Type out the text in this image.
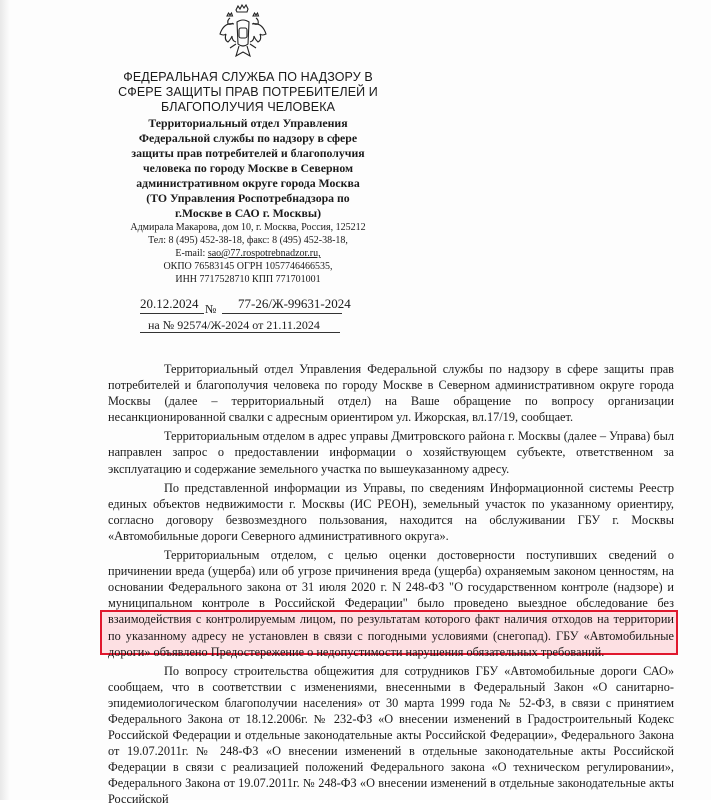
ФЕДЕРАЛЬНАЯ СЛУЖБА ПО НАДЗОРУ В СФЕРЕ ЗАЩИТЫ ПРАВ ПОТРЕБИТЕЛЕЙ И БЛАГОПОЛУЧИЯ ЧЕЛОВЕКА
Территориальный отдел Управления
Федеральной службы по надзору в сфере
защиты прав потребителей и благополучия
человека по городу Москве в Северном
административном округе города Москва
(ТО Управления Роспотребнадзора по
г.Москве в САО г. Москвы)
Адмирала Макарова, дом 10, г. Москва, Россия, 125212
Тел: 8 (495) 452-38-18, факс: 8 (495) 452-38-18,
E-mail: sao@77.rospotrebnadzor.ru,
ОКПО 76583145 ОГРН 1057746466535,
ИНН 7717528710 КПП 771701001
20.12.2024 № 77-26/Ж-99631-2024
на № 92574/Ж-2024 от 21.11.2024

Территориальный отдел Управления Федеральной службы по надзору в сфере защиты прав потребителей и благополучия человека по городу Москве в Северном административном округе города Москвы (далее – территориальный отдел) на Ваше обращение по вопросу организации несанкционированной свалки с адресным ориентиром ул. Ижорская, вл.17/19, сообщает.

Территориальным отделом в адрес управы Дмитровского района г. Москвы (далее – Управа) был направлен запрос о предоставлении информации о хозяйствующем субъекте, ответственном за эксплуатацию и содержание земельного участка по вышеуказанному адресу.

По представленной информации из Управы, по сведениям Информационной системы Реестр единых объектов недвижимости г. Москвы (ИС РЕОН), земельный участок по указанному ориентиру, согласно договору безвозмездного пользования, находится на обслуживании ГБУ г. Москвы «Автомобильные дороги Северного административного округа».

Территориальным отделом, с целью оценки достоверности поступивших сведений о причинении вреда (ущерба) или об угрозе причинения вреда (ущерба) охраняемым законом ценностям, на основании Федерального закона от 31 июля 2020 г. N 248-ФЗ "О государственном контроле (надзоре) и муниципальном контроле в Российской Федерации" было проведено выездное обследование без взаимодействия с контролируемым лицом, по результатам которого факт наличия отходов на территории по указанному адресу не установлен в связи с погодными условиями (снегопад). ГБУ «Автомобильные дороги» объявлено Предостережение о недопустимости нарушения обязательных требований.

По вопросу строительства общежития для сотрудников ГБУ «Автомобильные дороги САО» сообщаем, что в соответствии с изменениями, внесенными в Федеральный Закон «О санитарно-эпидемиологическом благополучии населения» от 30 марта 1999 года № 52-ФЗ, в связи с принятием Федерального Закона от 18.12.2006г. № 232-ФЗ «О внесении изменений в Градостроительный Кодекс Российской Федерации и отдельные законодательные акты Российской Федерации», Федерального Закона от 19.07.2011г. № 248-ФЗ «О внесении изменений в отдельные законодательные акты Российской Федерации в связи с реализацией положений Федерального закона «О техническом регулировании», Федерального Закона от 19.07.2011г. № 248-ФЗ «О внесении изменений в отдельные законодательные акты Российской
